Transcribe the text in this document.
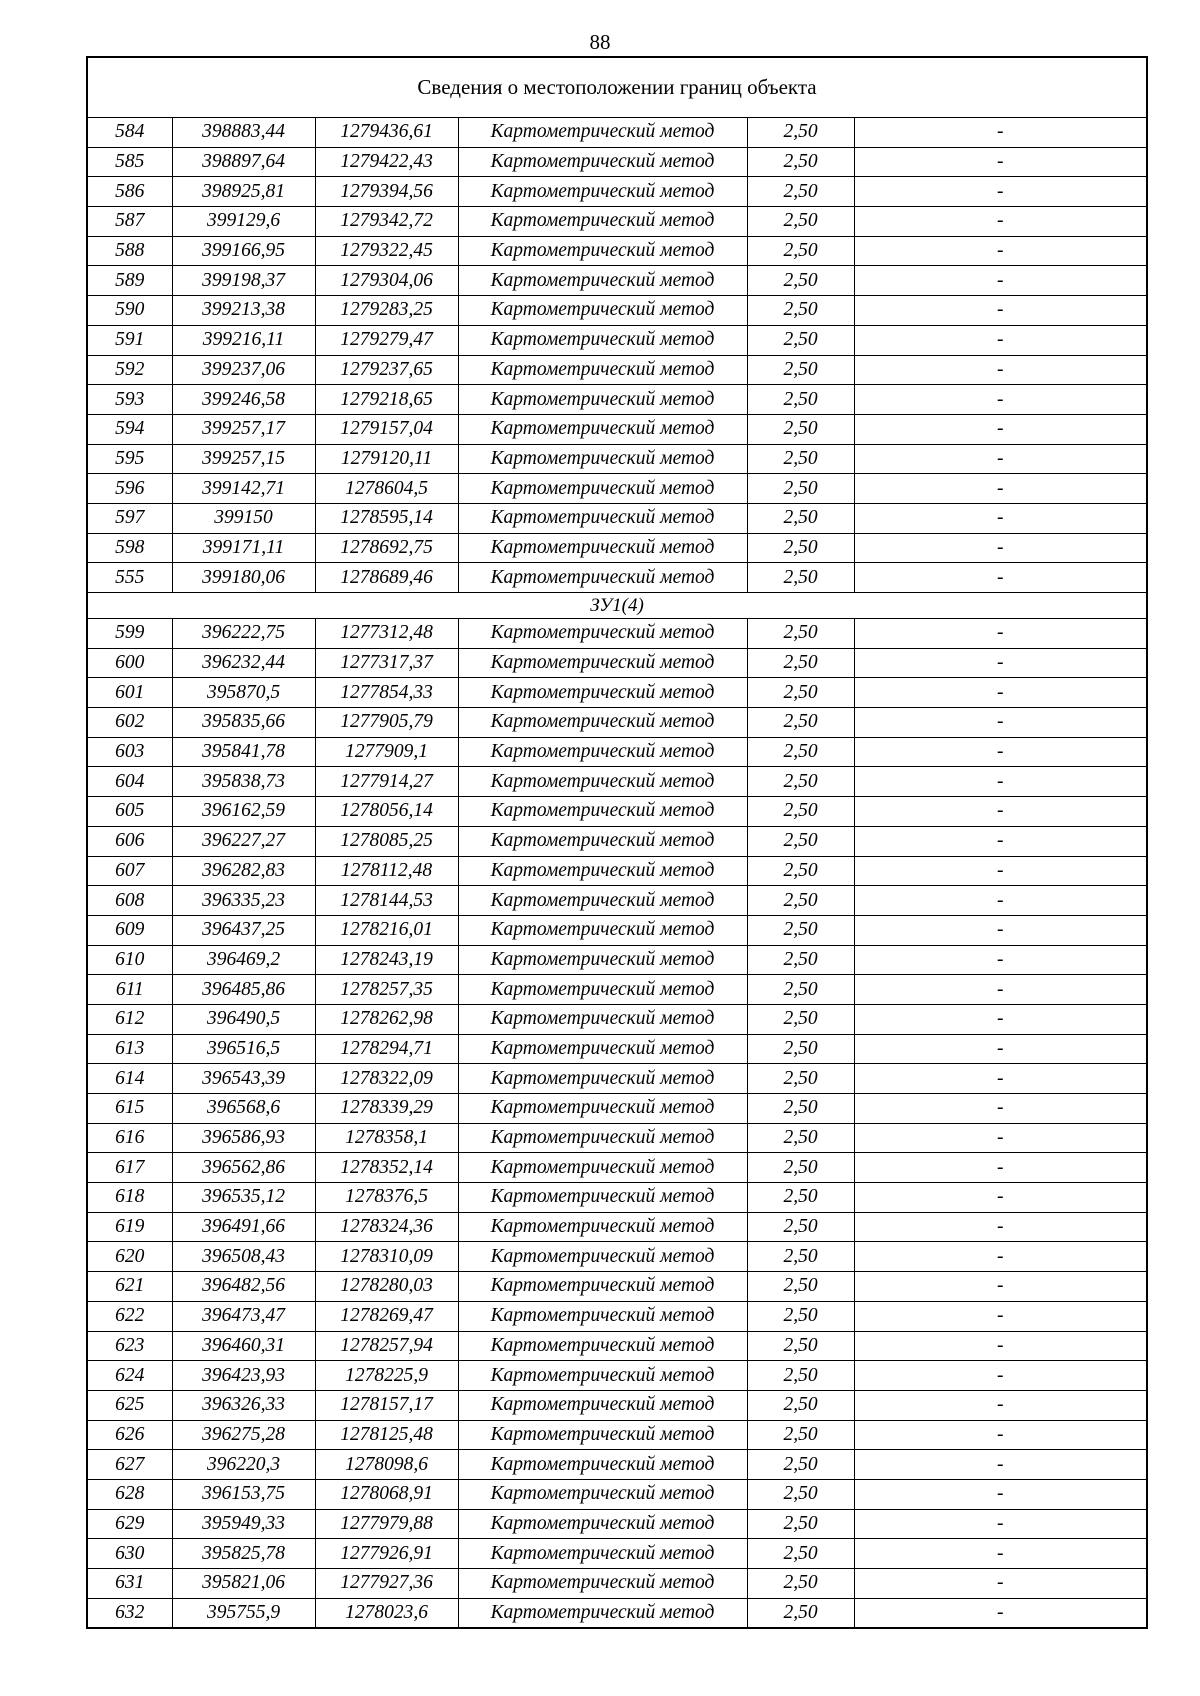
88
Сведения о местоположении границ объекта					
584	398883,44	1279436,61	Картометрический метод	2,50	-
585	398897,64	1279422,43	Картометрический метод	2,50	-
586	398925,81	1279394,56	Картометрический метод	2,50	-
587	399129,6	1279342,72	Картометрический метод	2,50	-
588	399166,95	1279322,45	Картометрический метод	2,50	-
589	399198,37	1279304,06	Картометрический метод	2,50	-
590	399213,38	1279283,25	Картометрический метод	2,50	-
591	399216,11	1279279,47	Картометрический метод	2,50	-
592	399237,06	1279237,65	Картометрический метод	2,50	-
593	399246,58	1279218,65	Картометрический метод	2,50	-
594	399257,17	1279157,04	Картометрический метод	2,50	-
595	399257,15	1279120,11	Картометрический метод	2,50	-
596	399142,71	1278604,5	Картометрический метод	2,50	-
597	399150	1278595,14	Картометрический метод	2,50	-
598	399171,11	1278692,75	Картометрический метод	2,50	-
555	399180,06	1278689,46	Картометрический метод	2,50	-
ЗУ1(4)					
599	396222,75	1277312,48	Картометрический метод	2,50	-
600	396232,44	1277317,37	Картометрический метод	2,50	-
601	395870,5	1277854,33	Картометрический метод	2,50	-
602	395835,66	1277905,79	Картометрический метод	2,50	-
603	395841,78	1277909,1	Картометрический метод	2,50	-
604	395838,73	1277914,27	Картометрический метод	2,50	-
605	396162,59	1278056,14	Картометрический метод	2,50	-
606	396227,27	1278085,25	Картометрический метод	2,50	-
607	396282,83	1278112,48	Картометрический метод	2,50	-
608	396335,23	1278144,53	Картометрический метод	2,50	-
609	396437,25	1278216,01	Картометрический метод	2,50	-
610	396469,2	1278243,19	Картометрический метод	2,50	-
611	396485,86	1278257,35	Картометрический метод	2,50	-
612	396490,5	1278262,98	Картометрический метод	2,50	-
613	396516,5	1278294,71	Картометрический метод	2,50	-
614	396543,39	1278322,09	Картометрический метод	2,50	-
615	396568,6	1278339,29	Картометрический метод	2,50	-
616	396586,93	1278358,1	Картометрический метод	2,50	-
617	396562,86	1278352,14	Картометрический метод	2,50	-
618	396535,12	1278376,5	Картометрический метод	2,50	-
619	396491,66	1278324,36	Картометрический метод	2,50	-
620	396508,43	1278310,09	Картометрический метод	2,50	-
621	396482,56	1278280,03	Картометрический метод	2,50	-
622	396473,47	1278269,47	Картометрический метод	2,50	-
623	396460,31	1278257,94	Картометрический метод	2,50	-
624	396423,93	1278225,9	Картометрический метод	2,50	-
625	396326,33	1278157,17	Картометрический метод	2,50	-
626	396275,28	1278125,48	Картометрический метод	2,50	-
627	396220,3	1278098,6	Картометрический метод	2,50	-
628	396153,75	1278068,91	Картометрический метод	2,50	-
629	395949,33	1277979,88	Картометрический метод	2,50	-
630	395825,78	1277926,91	Картометрический метод	2,50	-
631	395821,06	1277927,36	Картометрический метод	2,50	-
632	395755,9	1278023,6	Картометрический метод	2,50	-
